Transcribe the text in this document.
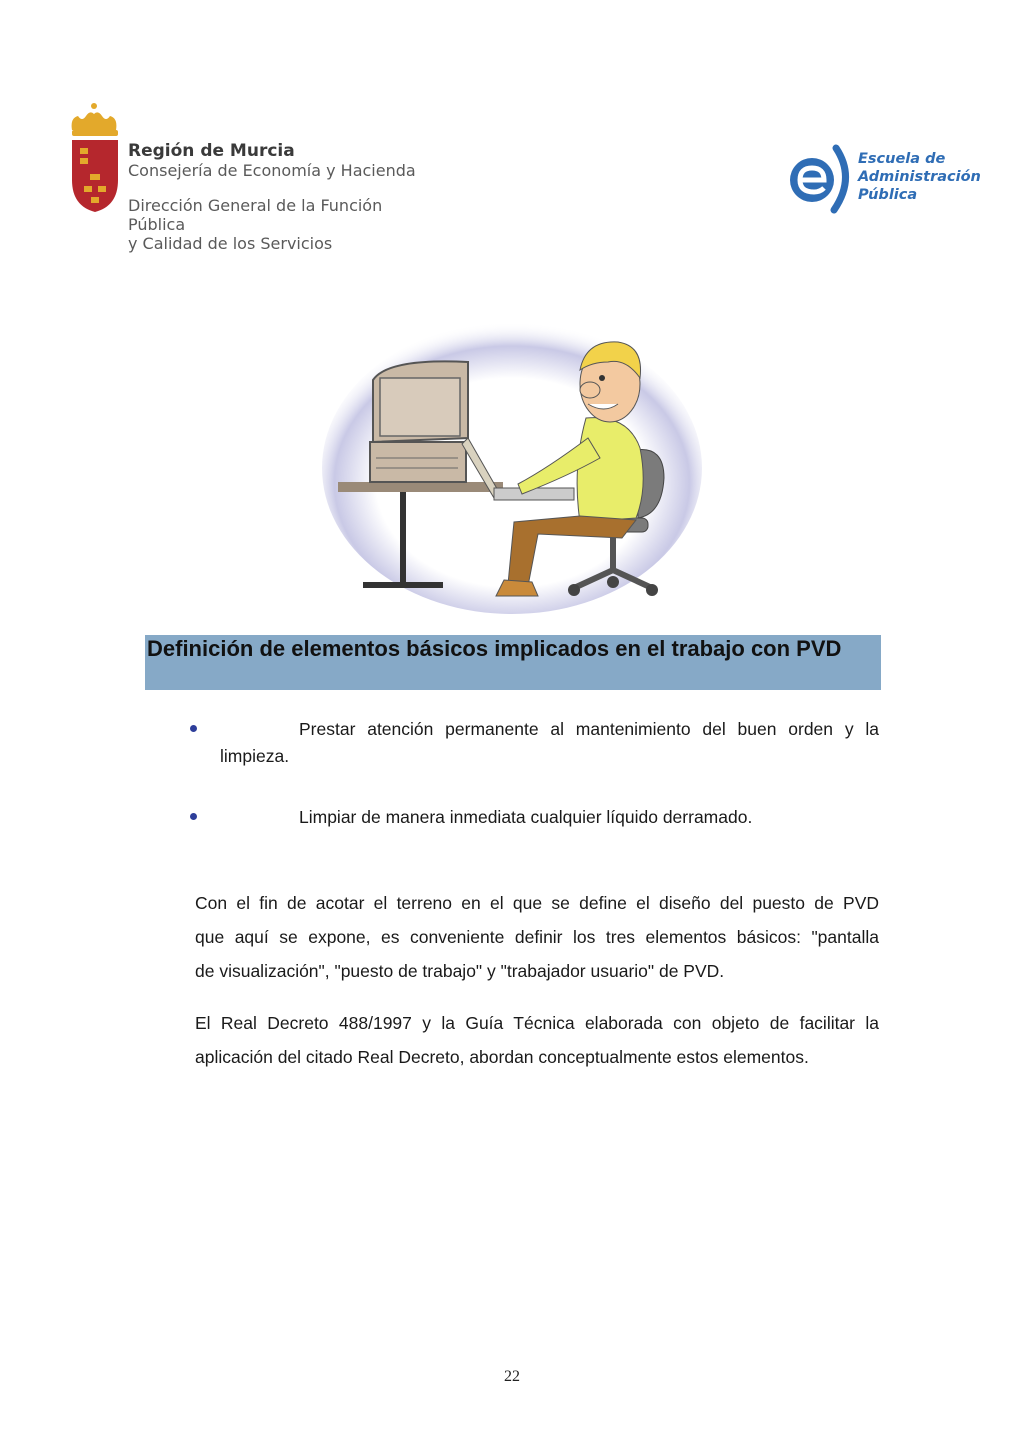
Región de Murcia
Consejería de Economía y Hacienda
Dirección General de la Función Pública
y Calidad de los Servicios
Escuela de
Administración
Pública
Definición de elementos básicos implicados en el trabajo con PVD
Prestar atención permanente al mantenimiento del buen orden y la
limpieza.
Limpiar de manera inmediata cualquier líquido derramado.
Con el fin de acotar el terreno en el que se define el diseño del puesto de PVD
que aquí se expone, es conveniente definir los tres elementos básicos: "pantalla
de visualización", "puesto de trabajo" y "trabajador usuario" de PVD.
El Real Decreto 488/1997 y la Guía Técnica elaborada con objeto de facilitar la
aplicación del citado Real Decreto, abordan conceptualmente estos elementos.
22
